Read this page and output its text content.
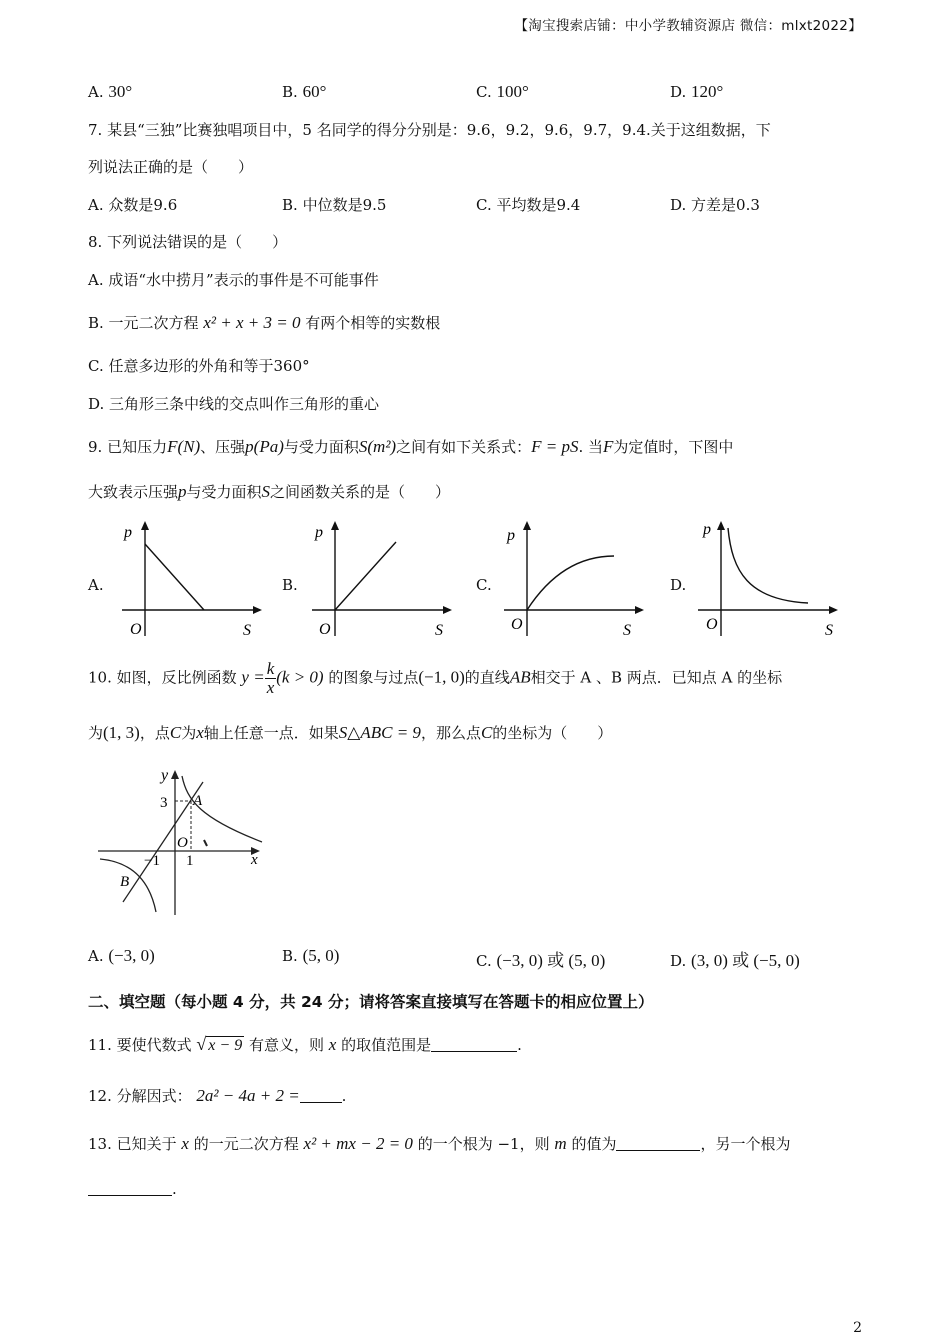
【淘宝搜索店铺：中小学教辅资源店 微信：mlxt2022】
A. 30°	B. 60°	C. 100°	D. 120°
7. 某县“三独”比赛独唱项目中，5 名同学的得分分别是：9.6，9.2，9.6，9.7，9.4.关于这组数据，下
列说法正确的是（　　）
A. 众数是9.6	B. 中位数是9.5	C. 平均数是9.4	D. 方差是0.3
8. 下列说法错误的是（　　）
A. 成语“水中捞月”表示的事件是不可能事件
B. 一元二次方程 x² + x + 3 = 0 有两个相等的实数根
C. 任意多边形的外角和等于360°
D. 三角形三条中线的交点叫作三角形的重心
9. 已知压力F(N)、压强p(Pa)与受力面积S(m²)之间有如下关系式：F = pS. 当F为定值时，下图中
大致表示压强p与受力面积S之间函数关系的是（　　）
A.
p
O	S
B.
p
O	S
C.
p
O	S
D.
p
O	S
10. 如图，反比例函数 $y = \frac{k}{x} (k > 0)$ 的图象与过点(−1, 0)的直线AB相交于 A 、B 两点．已知点 A 的坐标
为(1, 3)，点C为x轴上任意一点．如果S△ABC = 9，那么点C的坐标为（　　）
y
x
3 A
O
−1 1
B
A. (−3, 0)	B. (5, 0)	C. (−3, 0) 或 (5, 0)	D. (3, 0) 或 (−5, 0)
二、填空题（每小题 4 分，共 24 分；请将答案直接填写在答题卡的相应位置上）
11. 要使代数式 √ x − 9 有意义，则 x 的取值范围是	.
12. 分解因式： 2a² − 4a + 2 =	.
13. 已知关于 x 的一元二次方程 x² + mx − 2 = 0 的一个根为 −1，则 m 的值为	，另一个根为
.
2
